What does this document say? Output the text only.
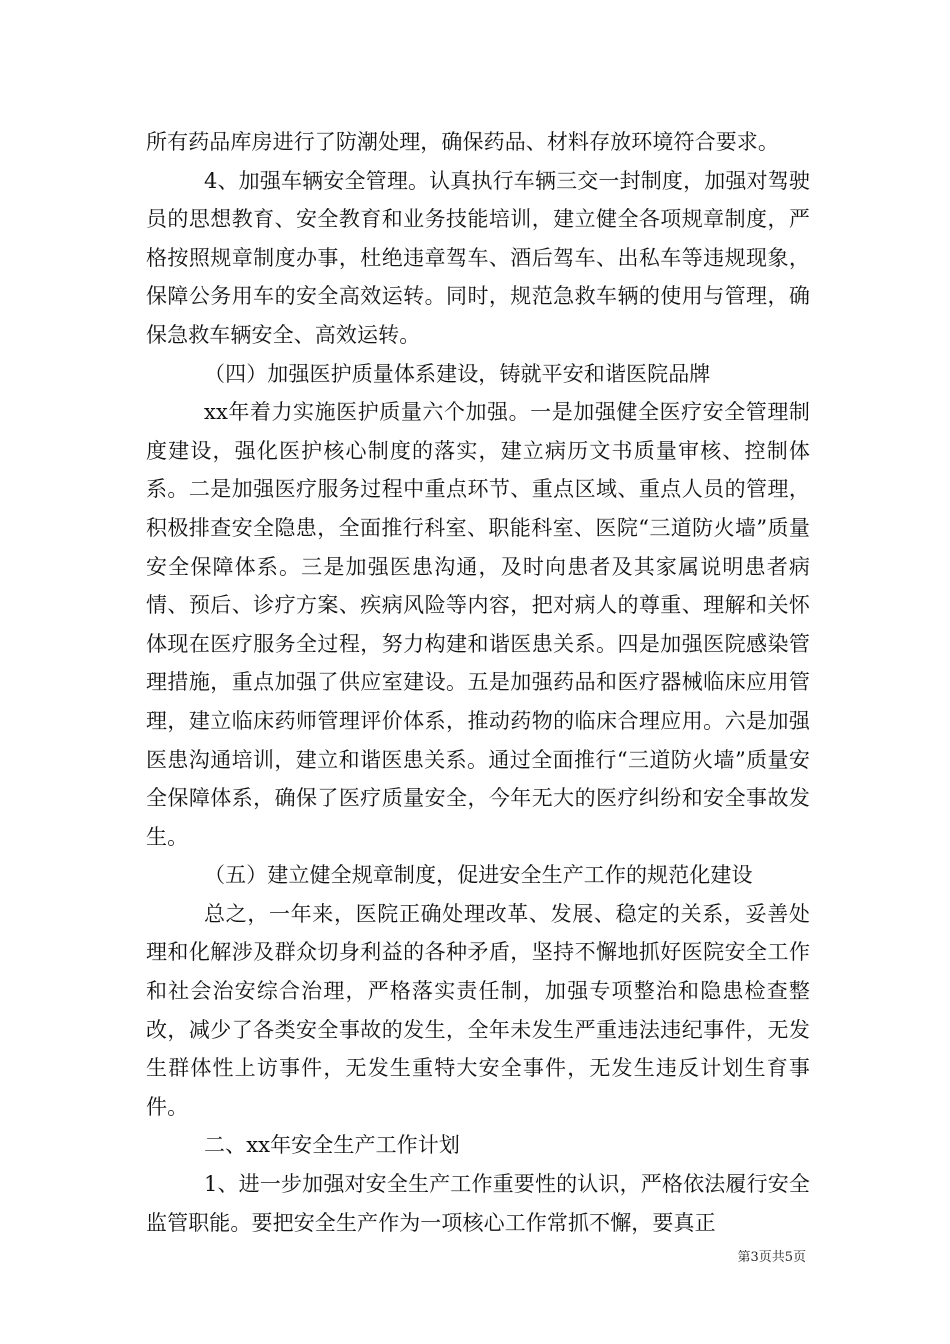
所有药品库房进行了防潮处理，确保药品、材料存放环境符合要求。

4、加强车辆安全管理。认真执行车辆三交一封制度，加强对驾驶员的思想教育、安全教育和业务技能培训，建立健全各项规章制度，严格按照规章制度办事，杜绝违章驾车、酒后驾车、出私车等违规现象，保障公务用车的安全高效运转。同时，规范急救车辆的使用与管理，确保急救车辆安全、高效运转。

（四）加强医护质量体系建设，铸就平安和谐医院品牌

xx年着力实施医护质量六个加强。一是加强健全医疗安全管理制度建设，强化医护核心制度的落实，建立病历文书质量审核、控制体系。二是加强医疗服务过程中重点环节、重点区域、重点人员的管理，积极排查安全隐患，全面推行科室、职能科室、医院“三道防火墙”质量安全保障体系。三是加强医患沟通，及时向患者及其家属说明患者病情、预后、诊疗方案、疾病风险等内容，把对病人的尊重、理解和关怀体现在医疗服务全过程，努力构建和谐医患关系。四是加强医院感染管理措施，重点加强了供应室建设。五是加强药品和医疗器械临床应用管理，建立临床药师管理评价体系，推动药物的临床合理应用。六是加强医患沟通培训，建立和谐医患关系。通过全面推行“三道防火墙”质量安全保障体系，确保了医疗质量安全，今年无大的医疗纠纷和安全事故发生。

（五）建立健全规章制度，促进安全生产工作的规范化建设

总之，一年来，医院正确处理改革、发展、稳定的关系，妥善处理和化解涉及群众切身利益的各种矛盾，坚持不懈地抓好医院安全工作和社会治安综合治理，严格落实责任制，加强专项整治和隐患检查整改，减少了各类安全事故的发生，全年未发生严重违法违纪事件，无发生群体性上访事件，无发生重特大安全事件，无发生违反计划生育事件。

二、xx年安全生产工作计划

1、进一步加强对安全生产工作重要性的认识，严格依法履行安全监管职能。要把安全生产作为一项核心工作常抓不懈，要真正

第3页共5页
